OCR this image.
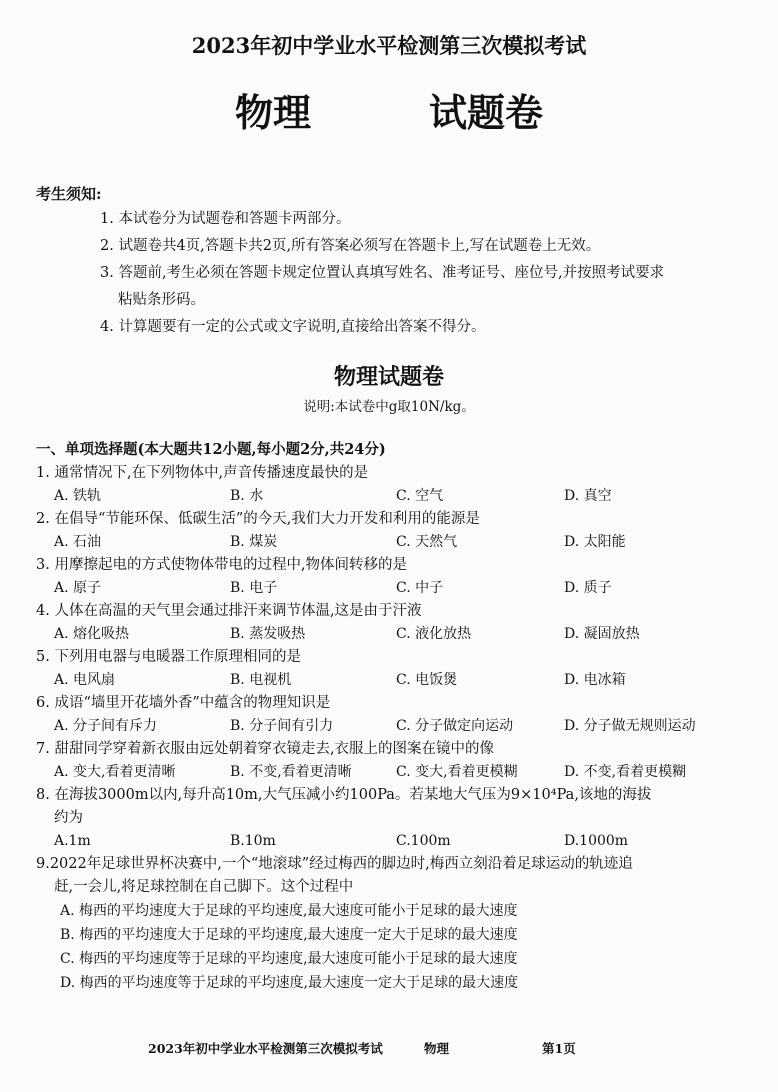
2023年初中学业水平检测第三次模拟考试
物理	试题卷
考生须知:
1. 本试卷分为试题卷和答题卡两部分。
2. 试题卷共4页,答题卡共2页,所有答案必须写在答题卡上,写在试题卷上无效。
3. 答题前,考生必须在答题卡规定位置认真填写姓名、准考证号、座位号,并按照考试要求
粘贴条形码。
4. 计算题要有一定的公式或文字说明,直接给出答案不得分。
物理试题卷
说明:本试卷中g取10N/kg。
一、单项选择题(本大题共12小题,每小题2分,共24分)
1. 通常情况下,在下列物体中,声音传播速度最快的是
A. 铁轨	B. 水	C. 空气	D. 真空
2. 在倡导“节能环保、低碳生活”的今天,我们大力开发和利用的能源是
A. 石油	B. 煤炭	C. 天然气	D. 太阳能
3. 用摩擦起电的方式使物体带电的过程中,物体间转移的是
A. 原子	B. 电子	C. 中子	D. 质子
4. 人体在高温的天气里会通过排汗来调节体温,这是由于汗液
A. 熔化吸热	B. 蒸发吸热	C. 液化放热	D. 凝固放热
5. 下列用电器与电暖器工作原理相同的是
A. 电风扇	B. 电视机	C. 电饭煲	D. 电冰箱
6. 成语“墙里开花墙外香”中蕴含的物理知识是
A. 分子间有斥力	B. 分子间有引力	C. 分子做定向运动	D. 分子做无规则运动
7. 甜甜同学穿着新衣服由远处朝着穿衣镜走去,衣服上的图案在镜中的像
A. 变大,看着更清晰	B. 不变,看着更清晰	C. 变大,看着更模糊	D. 不变,看着更模糊
8. 在海拔3000m以内,每升高10m,大气压减小约100Pa。若某地大气压为9×10⁴Pa,该地的海拔
约为
A.1m	B.10m	C.100m	D.1000m
9.2022年足球世界杯决赛中,一个“地滚球”经过梅西的脚边时,梅西立刻沿着足球运动的轨迹追
赶,一会儿,将足球控制在自己脚下。这个过程中
A. 梅西的平均速度大于足球的平均速度,最大速度可能小于足球的最大速度
B. 梅西的平均速度大于足球的平均速度,最大速度一定大于足球的最大速度
C. 梅西的平均速度等于足球的平均速度,最大速度可能小于足球的最大速度
D. 梅西的平均速度等于足球的平均速度,最大速度一定大于足球的最大速度
2023年初中学业水平检测第三次模拟考试	物理	第1页
